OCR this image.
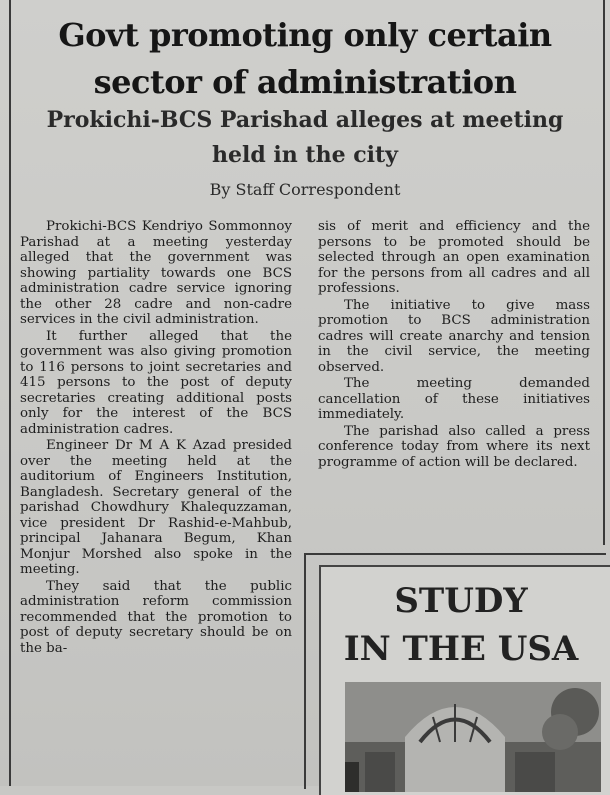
Govt promoting only certain sector of administration
Prokichi-BCS Parishad alleges at meeting held in the city
By Staff Correspondent

Prokichi-BCS Kendriyo Sommonnoy Parishad at a meeting yesterday alleged that the government was showing partiality towards one BCS administration cadre service ignoring the other 28 cadre and non-cadre services in the civil administration.

It further alleged that the government was also giving promotion to 116 persons to joint secretaries and 415 persons to the post of deputy secretaries creating additional posts only for the interest of the BCS administration cadres.

Engineer Dr M A K Azad presided over the meeting held at the auditorium of Engineers Institution, Bangladesh. Secretary general of the parishad Chowdhury Khalequzzaman, vice president Dr Rashid-e-Mahbub, principal Jahanara Begum, Khan Monjur Morshed also spoke in the meeting.

They said that the public administration reform commission recommended that the promotion to post of deputy secretary should be on the ba-

sis of merit and efficiency and the persons to be promoted should be selected through an open examination for the persons from all cadres and all professions.

The initiative to give mass promotion to BCS administration cadres will create anarchy and tension in the civil service, the meeting observed.

The meeting demanded cancellation of these initiatives immediately.

The parishad also called a press conference today from where its next programme of action will be declared.

STUDY
IN THE USA
